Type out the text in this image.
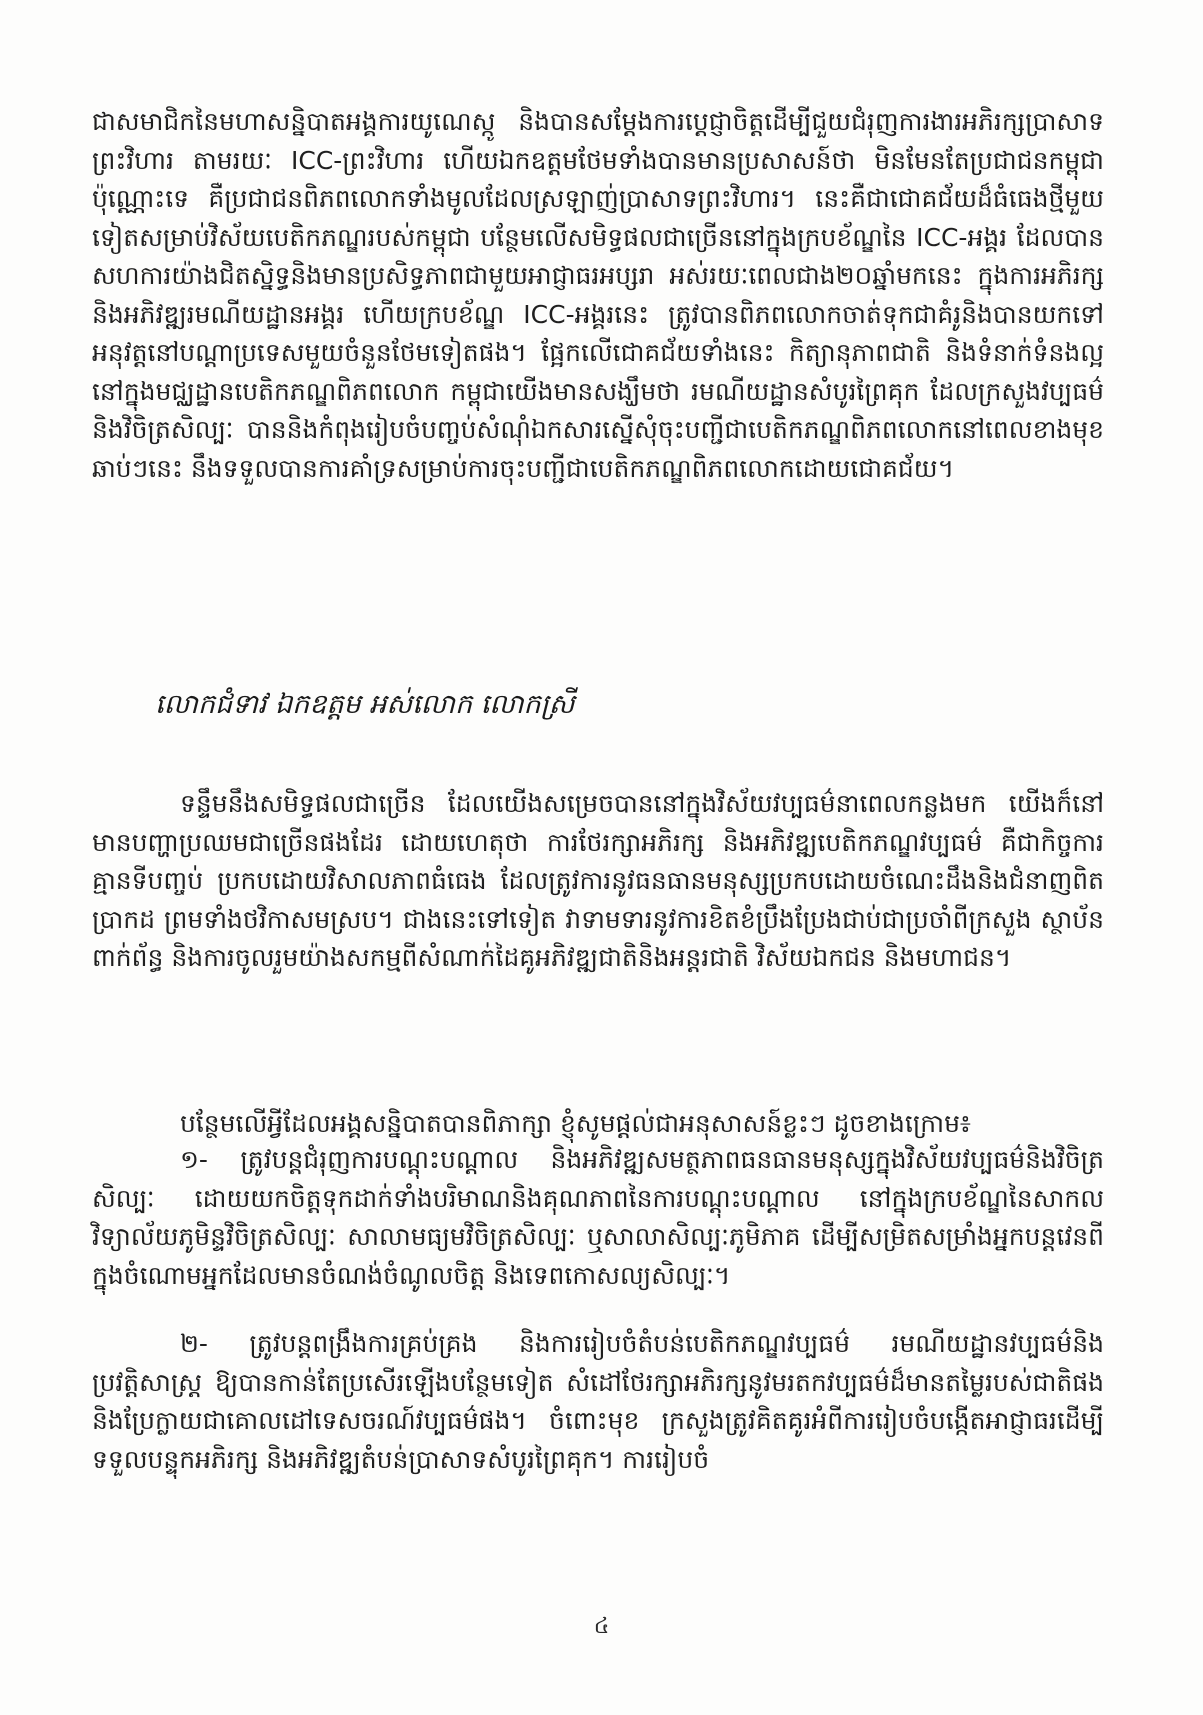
ជាសមាជិកនៃមហាសន្និបាតអង្គការយូណេស្កូ និងបានសម្តែងការប្តេជ្ញាចិត្តដើម្បីជួយជំរុញការងារអភិរក្សប្រាសាទព្រះវិហារ តាមរយៈ ICC-ព្រះវិហារ ហើយឯកឧត្តមថែមទាំងបានមានប្រសាសន៍ថា មិនមែនតែប្រជាជនកម្ពុជាប៉ុណ្ណោះទេ គឺប្រជាជនពិភពលោកទាំងមូលដែលស្រឡាញ់ប្រាសាទព្រះវិហារ។ នេះគឺជាជោគជ័យដ៏ធំធេងថ្មីមួយទៀតសម្រាប់វិស័យបេតិកភណ្ឌរបស់កម្ពុជា បន្ថែមលើសមិទ្ធផលជាច្រើននៅក្នុងក្របខ័ណ្ឌនៃ ICC-អង្គរ ដែលបានសហការយ៉ាងជិតស្និទ្ធនិងមានប្រសិទ្ធភាពជាមួយអាជ្ញាធរអប្សរា អស់រយៈពេលជាង២០ឆ្នាំមកនេះ ក្នុងការអភិរក្សនិងអភិវឌ្ឍរមណីយដ្ឋានអង្គរ ហើយក្របខ័ណ្ឌ ICC-អង្គរនេះ ត្រូវបានពិភពលោកចាត់ទុកជាគំរូនិងបានយកទៅអនុវត្តនៅបណ្តាប្រទេសមួយចំនួនថែមទៀតផង។ ផ្អែកលើជោគជ័យទាំងនេះ កិត្យានុភាពជាតិ និងទំនាក់ទំនងល្អនៅក្នុងមជ្ឈដ្ឋានបេតិកភណ្ឌពិភពលោក កម្ពុជាយើងមានសង្ឃឹមថា រមណីយដ្ឋានសំបូរព្រៃគុក ដែលក្រសួងវប្បធម៌និងវិចិត្រសិល្បៈ បាននិងកំពុងរៀបចំបញ្ចប់សំណុំឯកសារស្នើសុំចុះបញ្ជីជាបេតិកភណ្ឌពិភពលោកនៅពេលខាងមុខឆាប់ៗនេះ នឹងទទួលបានការគាំទ្រសម្រាប់ការចុះបញ្ជីជាបេតិកភណ្ឌពិភពលោកដោយជោគជ័យ។

លោកជំទាវ ឯកឧត្តម អស់លោក លោកស្រី

ទន្ទឹមនឹងសមិទ្ធផលជាច្រើន ដែលយើងសម្រេចបាននៅក្នុងវិស័យវប្បធម៌នាពេលកន្លងមក យើងក៏នៅមានបញ្ហាប្រឈមជាច្រើនផងដែរ ដោយហេតុថា ការថែរក្សាអភិរក្ស និងអភិវឌ្ឍបេតិកភណ្ឌវប្បធម៌ គឺជាកិច្ចការគ្មានទីបញ្ចប់ ប្រកបដោយវិសាលភាពធំធេង ដែលត្រូវការនូវធនធានមនុស្សប្រកបដោយចំណេះដឹងនិងជំនាញពិតប្រាកដ ព្រមទាំងថវិកាសមស្រប។ ជាងនេះទៅទៀត វាទាមទារនូវការខិតខំប្រឹងប្រែងជាប់ជាប្រចាំពីក្រសួង ស្ថាប័នពាក់ព័ន្ធ និងការចូលរួមយ៉ាងសកម្មពីសំណាក់ដៃគូអភិវឌ្ឍជាតិនិងអន្តរជាតិ វិស័យឯកជន និងមហាជន។

បន្ថែមលើអ្វីដែលអង្គសន្និបាតបានពិភាក្សា ខ្ញុំសូមផ្តល់ជាអនុសាសន៍ខ្លះៗ ដូចខាងក្រោម៖

១- ត្រូវបន្តជំរុញការបណ្តុះបណ្តាល និងអភិវឌ្ឍសមត្ថភាពធនធានមនុស្សក្នុងវិស័យវប្បធម៌និងវិចិត្រសិល្បៈ ដោយយកចិត្តទុកដាក់ទាំងបរិមាណនិងគុណភាពនៃការបណ្តុះបណ្តាល នៅក្នុងក្របខ័ណ្ឌនៃសាកលវិទ្យាល័យភូមិន្ទវិចិត្រសិល្បៈ សាលាមធ្យមវិចិត្រសិល្បៈ ឬសាលាសិល្បៈភូមិភាគ ដើម្បីសម្រិតសម្រាំងអ្នកបន្តវេនពីក្នុងចំណោមអ្នកដែលមានចំណង់ចំណូលចិត្ត និងទេពកោសល្យសិល្បៈ។

២- ត្រូវបន្តពង្រឹងការគ្រប់គ្រង និងការរៀបចំតំបន់បេតិកភណ្ឌវប្បធម៌ រមណីយដ្ឋានវប្បធម៌និងប្រវត្តិសាស្ត្រ ឱ្យបានកាន់តែប្រសើរឡើងបន្ថែមទៀត សំដៅថែរក្សាអភិរក្សនូវមរតកវប្បធម៌ដ៏មានតម្លៃរបស់ជាតិផង និងប្រែក្លាយជាគោលដៅទេសចរណ៍វប្បធម៌ផង។ ចំពោះមុខ ក្រសួងត្រូវគិតគូរអំពីការរៀបចំបង្កើតអាជ្ញាធរដើម្បីទទួលបន្ទុកអភិរក្ស និងអភិវឌ្ឍតំបន់ប្រាសាទសំបូរព្រៃគុក។ ការរៀបចំ

៤
